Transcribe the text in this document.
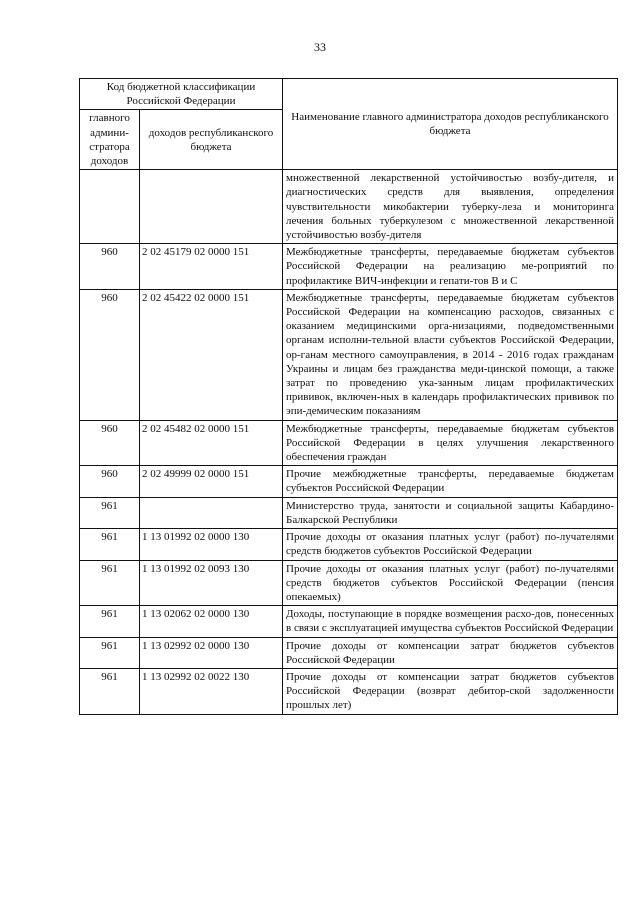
33
Код бюджетной классификации Российской Федерации		Наименование главного администратора доходов республиканского бюджета
главного админи-стратора доходов	доходов республиканского бюджета	
		множественной лекарственной устойчивостью возбу-дителя, и диагностических средств для выявления, определения чувствительности микобактерии туберку-леза и мониторинга лечения больных туберкулезом с множественной лекарственной устойчивостью возбу-дителя
960	2 02 45179 02 0000 151	Межбюджетные трансферты, передаваемые бюджетам субъектов Российской Федерации на реализацию ме-роприятий по профилактике ВИЧ-инфекции и гепати-тов B и C
960	2 02 45422 02 0000 151	Межбюджетные трансферты, передаваемые бюджетам субъектов Российской Федерации на компенсацию расходов, связанных с оказанием медицинскими орга-низациями, подведомственными органам исполни-тельной власти субъектов Российской Федерации, ор-ганам местного самоуправления, в 2014 - 2016 годах гражданам Украины и лицам без гражданства меди-цинской помощи, а также затрат по проведению ука-занным лицам профилактических прививок, включен-ных в календарь профилактических прививок по эпи-демическим показаниям
960	2 02 45482 02 0000 151	Межбюджетные трансферты, передаваемые бюджетам субъектов Российской Федерации в целях улучшения лекарственного обеспечения граждан
960	2 02 49999 02 0000 151	Прочие межбюджетные трансферты, передаваемые бюджетам субъектов Российской Федерации
961		Министерство труда, занятости и социальной защиты Кабардино-Балкарской Республики
961	1 13 01992 02 0000 130	Прочие доходы от оказания платных услуг (работ) по-лучателями средств бюджетов субъектов Российской Федерации
961	1 13 01992 02 0093 130	Прочие доходы от оказания платных услуг (работ) по-лучателями средств бюджетов субъектов Российской Федерации (пенсия опекаемых)
961	1 13 02062 02 0000 130	Доходы, поступающие в порядке возмещения расхо-дов, понесенных в связи с эксплуатацией имущества субъектов Российской Федерации
961	1 13 02992 02 0000 130	Прочие доходы от компенсации затрат бюджетов субъектов Российской Федерации
961	1 13 02992 02 0022 130	Прочие доходы от компенсации затрат бюджетов субъектов Российской Федерации (возврат дебитор-ской задолженности прошлых лет)
